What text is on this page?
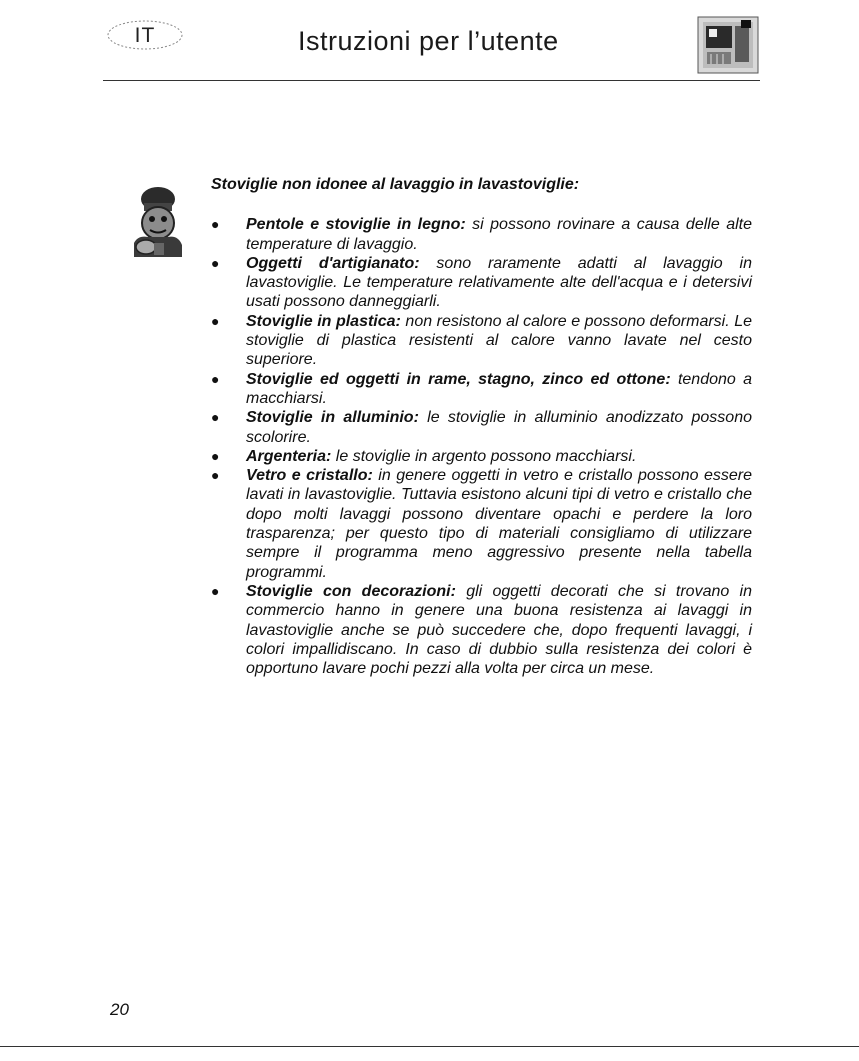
IT	Istruzioni per l’utente

Stoviglie non idonee al lavaggio in lavastoviglie:

● Pentole e stoviglie in legno: si possono rovinare a causa delle alte temperature di lavaggio.
● Oggetti d'artigianato: sono raramente adatti al lavaggio in lavastoviglie. Le temperature relativamente alte dell'acqua e i detersivi usati possono danneggiarli.
● Stoviglie in plastica: non resistono al calore e possono deformarsi. Le stoviglie di plastica resistenti al calore vanno lavate nel cesto superiore.
● Stoviglie ed oggetti in rame, stagno, zinco ed ottone: tendono a macchiarsi.
● Stoviglie in alluminio: le stoviglie in alluminio anodizzato possono scolorire.
● Argenteria: le stoviglie in argento possono macchiarsi.
● Vetro e cristallo: in genere oggetti in vetro e cristallo possono essere lavati in lavastoviglie. Tuttavia esistono alcuni tipi di vetro e cristallo che dopo molti lavaggi possono diventare opachi e perdere la loro trasparenza; per questo tipo di materiali consigliamo di utilizzare sempre il programma meno aggressivo presente nella tabella programmi.
● Stoviglie con decorazioni: gli oggetti decorati che si trovano in commercio hanno in genere una buona resistenza ai lavaggi in lavastoviglie anche se può succedere che, dopo frequenti lavaggi, i colori impallidiscano. In caso di dubbio sulla resistenza dei colori è opportuno lavare pochi pezzi alla volta per circa un mese.
20
